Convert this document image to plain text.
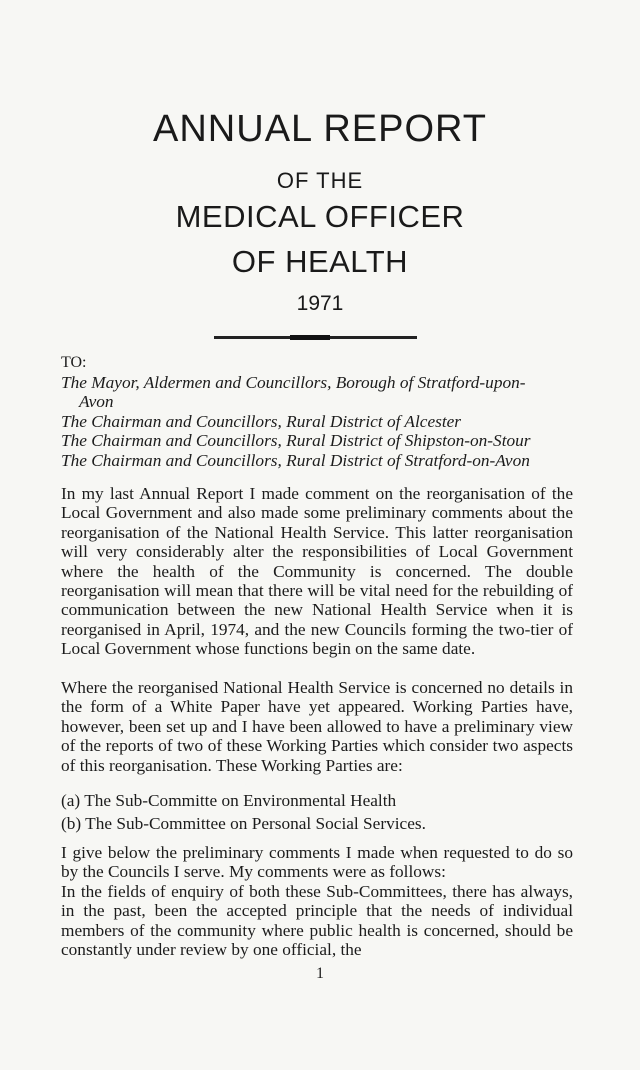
ANNUAL REPORT
OF THE
MEDICAL OFFICER
OF HEALTH
1971
TO:
The Mayor, Aldermen and Councillors, Borough of Stratford-upon-
Avon
The Chairman and Councillors, Rural District of Alcester
The Chairman and Councillors, Rural District of Shipston-on-Stour
The Chairman and Councillors, Rural District of Stratford-on-Avon

In my last Annual Report I made comment on the reorganisation of the Local Government and also made some preliminary comments about the reorganisation of the National Health Service. This latter reorganisation will very considerably alter the responsibilities of Local Government where the health of the Community is concerned. The double reorganisation will mean that there will be vital need for the rebuilding of communication between the new National Health Service when it is reorganised in April, 1974, and the new Councils forming the two-tier of Local Government whose functions begin on the same date.

Where the reorganised National Health Service is concerned no details in the form of a White Paper have yet appeared. Working Parties have, however, been set up and I have been allowed to have a preliminary view of the reports of two of these Working Parties which consider two aspects of this reorganisation. These Working Parties are:

(a) The Sub-Committe on Environmental Health
(b) The Sub-Committee on Personal Social Services.

I give below the preliminary comments I made when requested to do so by the Councils I serve. My comments were as follows:

In the fields of enquiry of both these Sub-Committees, there has always, in the past, been the accepted principle that the needs of individual members of the community where public health is concerned, should be constantly under review by one official, the

1
